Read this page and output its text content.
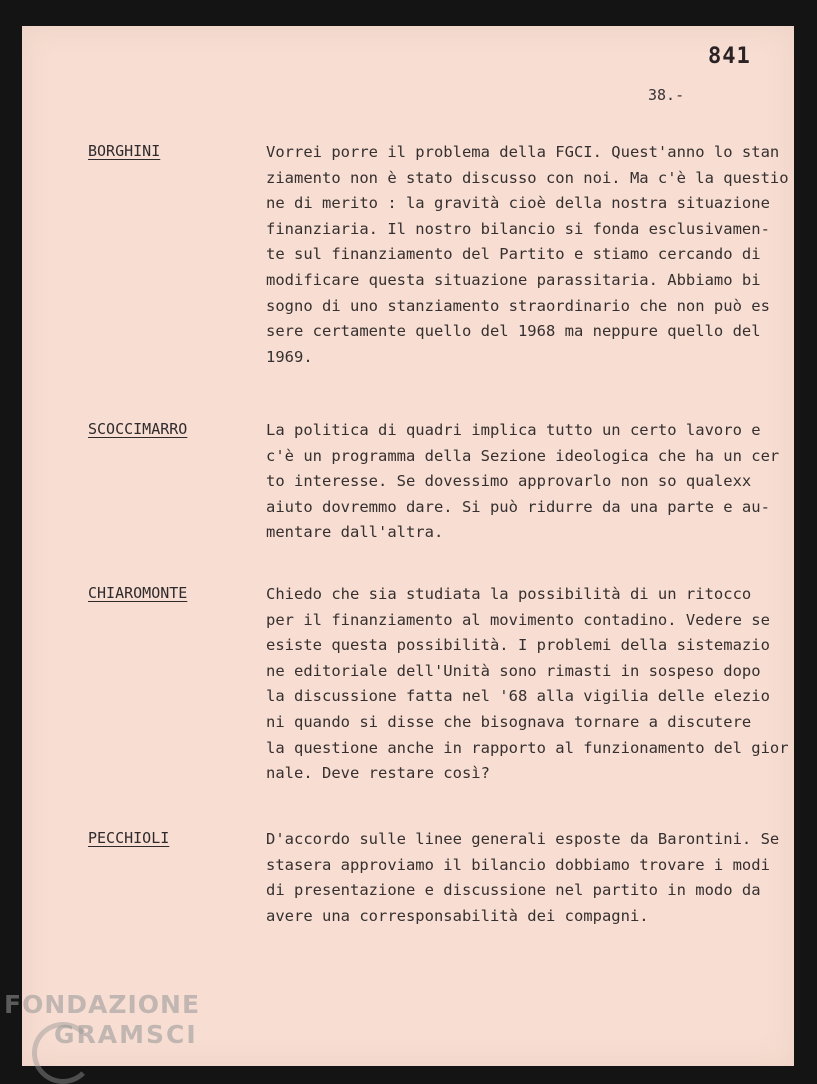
841
38.-
BORGHINI	Vorrei porre il problema della FGCI. Quest'anno lo stan
ziamento non è stato discusso con noi. Ma c'è la questio
ne di merito : la gravità cioè della nostra situazione
finanziaria. Il nostro bilancio si fonda esclusivamen-
te sul finanziamento del Partito e stiamo cercando di
modificare questa situazione parassitaria. Abbiamo bi
sogno di uno stanziamento straordinario che non può es
sere certamente quello del 1968 ma neppure quello del
1969.

SCOCCIMARRO	La politica di quadri implica tutto un certo lavoro e
c'è un programma della Sezione ideologica che ha un cer
to interesse. Se dovessimo approvarlo non so qualexx
aiuto dovremmo dare. Si può ridurre da una parte e au-
mentare dall'altra.

CHIAROMONTE	Chiedo che sia studiata la possibilità di un ritocco
per il finanziamento al movimento contadino. Vedere se
esiste questa possibilità. I problemi della sistemazio
ne editoriale dell'Unità sono rimasti in sospeso dopo
la discussione fatta nel '68 alla vigilia delle elezio
ni quando si disse che bisognava tornare a discutere
la questione anche in rapporto al funzionamento del gior
nale. Deve restare così?

PECCHIOLI	D'accordo sulle linee generali esposte da Barontini. Se
stasera approviamo il bilancio dobbiamo trovare i modi
di presentazione e discussione nel partito in modo da
avere una corresponsabilità dei compagni.

FONDAZIONE
GRAMSCI
